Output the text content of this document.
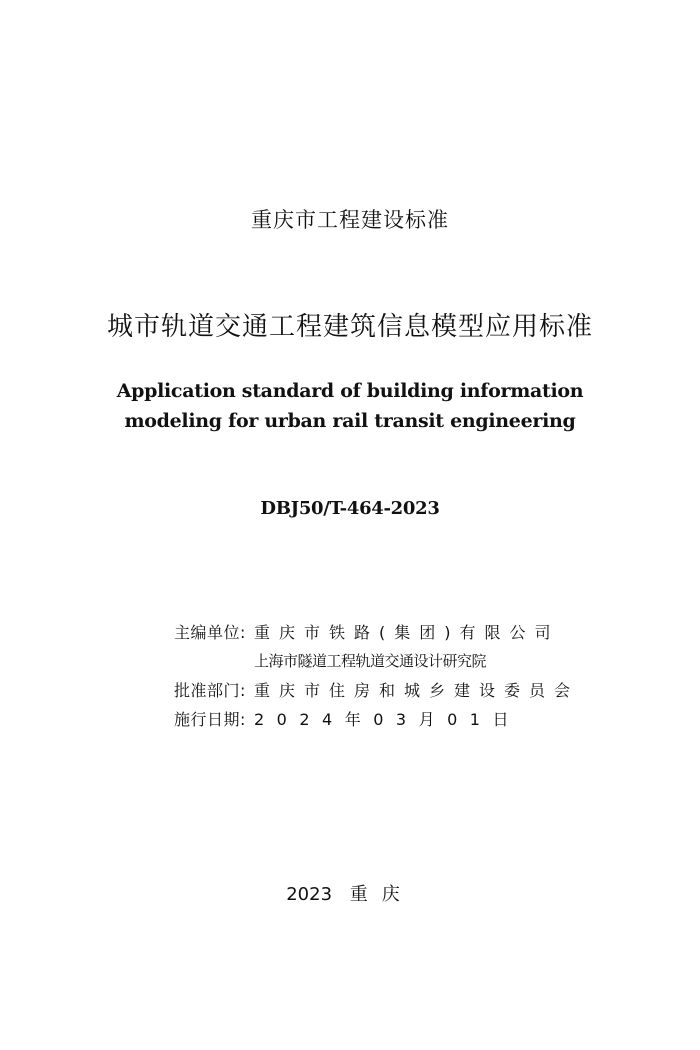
重庆市工程建设标准
城市轨道交通工程建筑信息模型应用标准
Application standard of building information
modeling for urban rail transit engineering
DBJ50/T-464-2023
主编单位: 重庆市铁路(集团)有限公司
上海市隧道工程轨道交通设计研究院
批准部门: 重庆市住房和城乡建设委员会
施行日期: 2024年03月01日
2023 重庆
